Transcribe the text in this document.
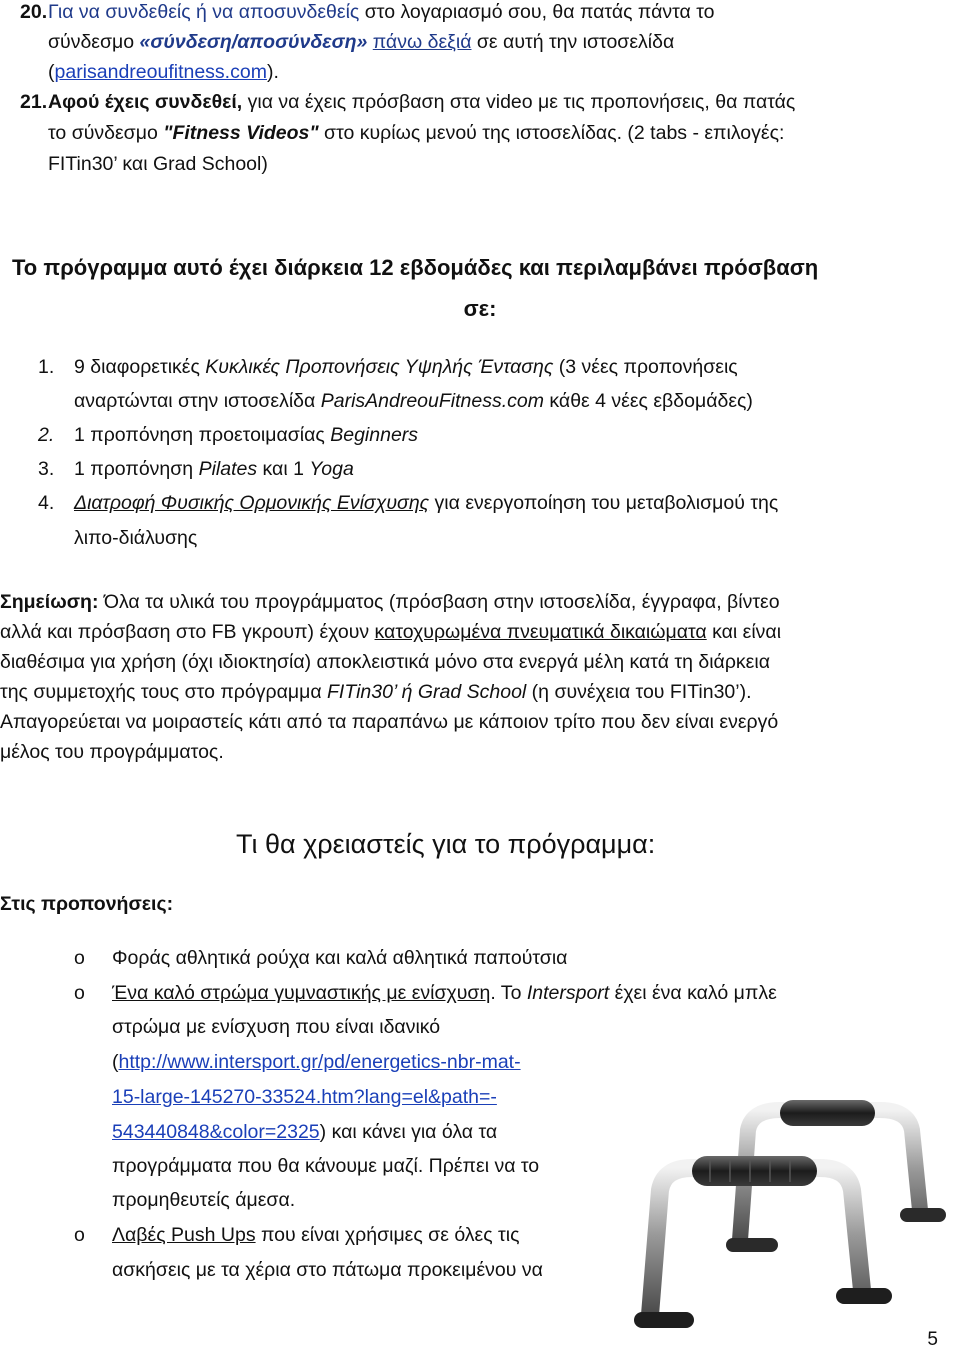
20.Για να συνδεθείς ή να αποσυνδεθείς στο λογαριασμό σου, θα πατάς πάντα το
σύνδεσμο «σύνδεση/αποσύνδεση» πάνω δεξιά σε αυτή την ιστοσελίδα
(parisandreoufitness.com).
21.Αφού έχεις συνδεθεί, για να έχεις πρόσβαση στα video με τις προπονήσεις, θα πατάς
το σύνδεσμο "Fitness Videos" στο κυρίως μενού της ιστοσελίδας. (2 tabs - επιλογές:
FITin30’ και Grad School)
Το πρόγραμμα αυτό έχει διάρκεια 12 εβδομάδες και περιλαμβάνει πρόσβαση
σε:
1. 9 διαφορετικές Κυκλικές Προπονήσεις Υψηλής Έντασης (3 νέες προπονήσεις
αναρτώνται στην ιστοσελίδα ParisAndreouFitness.com κάθε 4 νέες εβδομάδες)
2. 1 προπόνηση προετοιμασίας Beginners
3. 1 προπόνηση Pilates και 1 Yoga
4. Διατροφή Φυσικής Ορμονικής Ενίσχυσης για ενεργοποίηση του μεταβολισμού της
λιπο-διάλυσης
Σημείωση: Όλα τα υλικά του προγράμματος (πρόσβαση στην ιστοσελίδα, έγγραφα, βίντεο
αλλά και πρόσβαση στο FB γκρουπ) έχουν κατοχυρωμένα πνευματικά δικαιώματα και είναι
διαθέσιμα για χρήση (όχι ιδιοκτησία) αποκλειστικά μόνο στα ενεργά μέλη κατά τη διάρκεια
της συμμετοχής τους στο πρόγραμμα FITin30’ ή Grad School (η συνέχεια του FITin30’).
Απαγορεύεται να μοιραστείς κάτι από τα παραπάνω με κάποιον τρίτο που δεν είναι ενεργό
μέλος του προγράμματος.
Τι θα χρειαστείς για το πρόγραμμα:
Στις προπονήσεις:
o Φοράς αθλητικά ρούχα και καλά αθλητικά παπούτσια
o Ένα καλό στρώμα γυμναστικής με ενίσχυση. Το Intersport έχει ένα καλό μπλε
στρώμα με ενίσχυση που είναι ιδανικό
(http://www.intersport.gr/pd/energetics-nbr-mat-
15-large-145270-33524.htm?lang=el&path=-
543440848&color=2325) και κάνει για όλα τα
προγράμματα που θα κάνουμε μαζί. Πρέπει να το
προμηθευτείς άμεσα.
o Λαβές Push Ups που είναι χρήσιμες σε όλες τις
ασκήσεις με τα χέρια στο πάτωμα προκειμένου να
5
